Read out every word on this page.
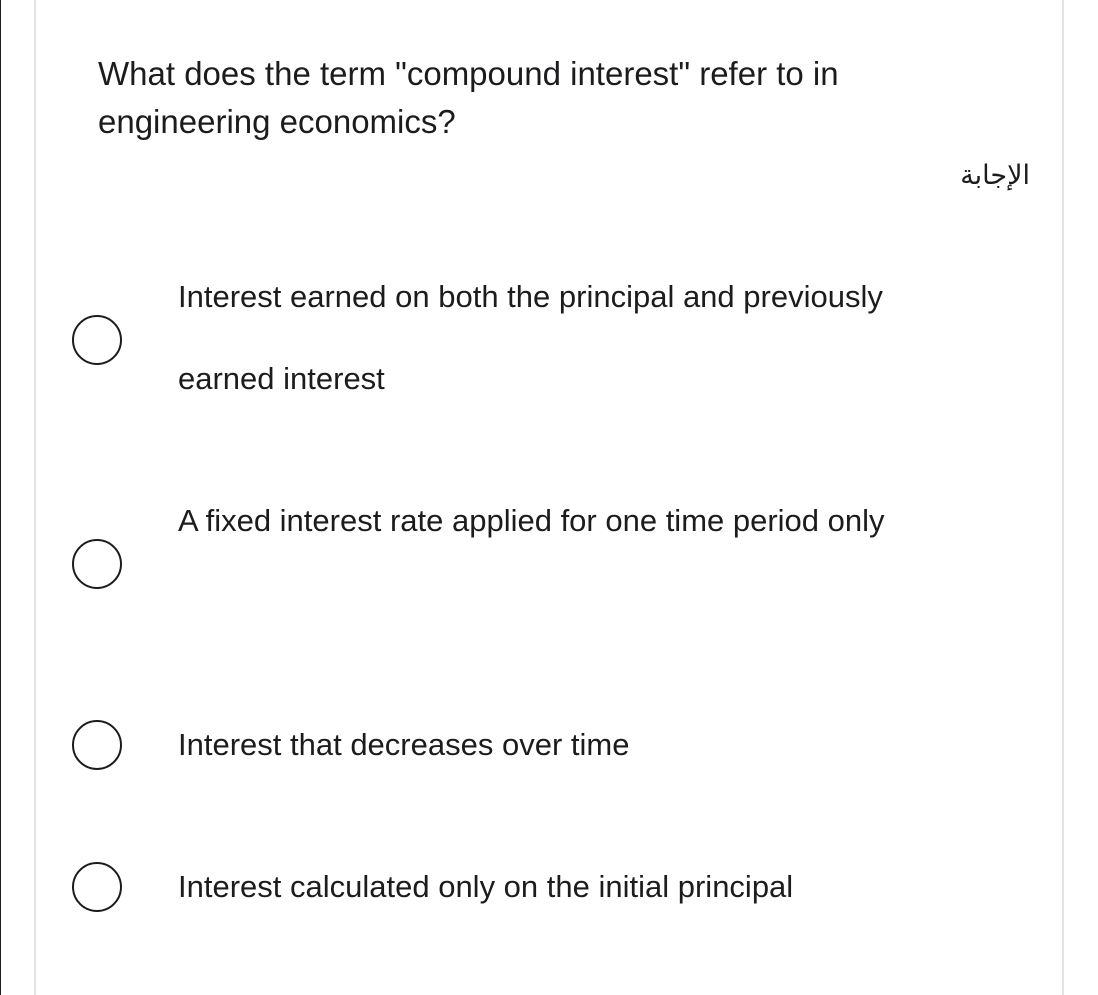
What does the term "compound interest" refer to in engineering economics?
الإجابة
Interest earned on both the principal and previously earned interest
A fixed interest rate applied for one time period only
Interest that decreases over time
Interest calculated only on the initial principal
